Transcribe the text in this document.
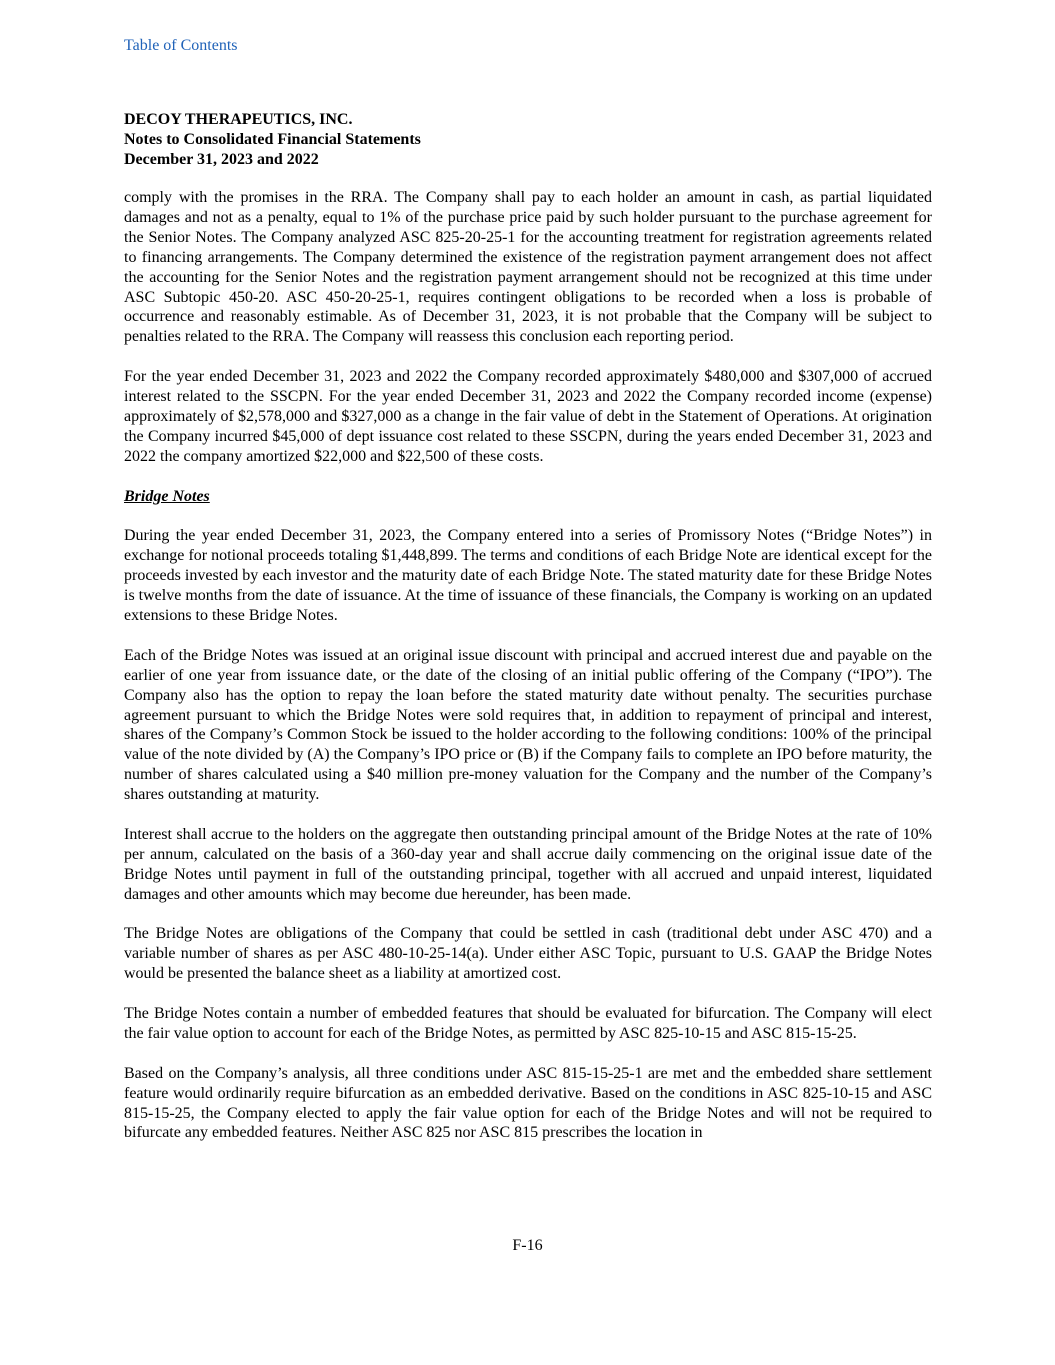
Table of Contents
DECOY THERAPEUTICS, INC.
Notes to Consolidated Financial Statements
December 31, 2023 and 2022

comply with the promises in the RRA. The Company shall pay to each holder an amount in cash, as partial liquidated damages and not as a penalty, equal to 1% of the purchase price paid by such holder pursuant to the purchase agreement for the Senior Notes. The Company analyzed ASC 825-20-25-1 for the accounting treatment for registration agreements related to financing arrangements. The Company determined the existence of the registration payment arrangement does not affect the accounting for the Senior Notes and the registration payment arrangement should not be recognized at this time under ASC Subtopic 450-20. ASC 450-20-25-1, requires contingent obligations to be recorded when a loss is probable of occurrence and reasonably estimable. As of December 31, 2023, it is not probable that the Company will be subject to penalties related to the RRA. The Company will reassess this conclusion each reporting period.

For the year ended December 31, 2023 and 2022 the Company recorded approximately $480,000 and $307,000 of accrued interest related to the SSCPN. For the year ended December 31, 2023 and 2022 the Company recorded income (expense) approximately of $2,578,000 and $327,000 as a change in the fair value of debt in the Statement of Operations. At origination the Company incurred $45,000 of dept issuance cost related to these SSCPN, during the years ended December 31, 2023 and 2022 the company amortized $22,000 and $22,500 of these costs.

Bridge Notes

During the year ended December 31, 2023, the Company entered into a series of Promissory Notes (“Bridge Notes”) in exchange for notional proceeds totaling $1,448,899. The terms and conditions of each Bridge Note are identical except for the proceeds invested by each investor and the maturity date of each Bridge Note. The stated maturity date for these Bridge Notes is twelve months from the date of issuance. At the time of issuance of these financials, the Company is working on an updated extensions to these Bridge Notes.

Each of the Bridge Notes was issued at an original issue discount with principal and accrued interest due and payable on the earlier of one year from issuance date, or the date of the closing of an initial public offering of the Company (“IPO”). The Company also has the option to repay the loan before the stated maturity date without penalty. The securities purchase agreement pursuant to which the Bridge Notes were sold requires that, in addition to repayment of principal and interest, shares of the Company’s Common Stock be issued to the holder according to the following conditions: 100% of the principal value of the note divided by (A) the Company’s IPO price or (B) if the Company fails to complete an IPO before maturity, the number of shares calculated using a $40 million pre-money valuation for the Company and the number of the Company’s shares outstanding at maturity.

Interest shall accrue to the holders on the aggregate then outstanding principal amount of the Bridge Notes at the rate of 10% per annum, calculated on the basis of a 360-day year and shall accrue daily commencing on the original issue date of the Bridge Notes until payment in full of the outstanding principal, together with all accrued and unpaid interest, liquidated damages and other amounts which may become due hereunder, has been made.

The Bridge Notes are obligations of the Company that could be settled in cash (traditional debt under ASC 470) and a variable number of shares as per ASC 480-10-25-14(a). Under either ASC Topic, pursuant to U.S. GAAP the Bridge Notes would be presented the balance sheet as a liability at amortized cost.

The Bridge Notes contain a number of embedded features that should be evaluated for bifurcation. The Company will elect the fair value option to account for each of the Bridge Notes, as permitted by ASC 825-10-15 and ASC 815-15-25.

Based on the Company’s analysis, all three conditions under ASC 815-15-25-1 are met and the embedded share settlement feature would ordinarily require bifurcation as an embedded derivative. Based on the conditions in ASC 825-10-15 and ASC 815-15-25, the Company elected to apply the fair value option for each of the Bridge Notes and will not be required to bifurcate any embedded features. Neither ASC 825 nor ASC 815 prescribes the location in

F-16
